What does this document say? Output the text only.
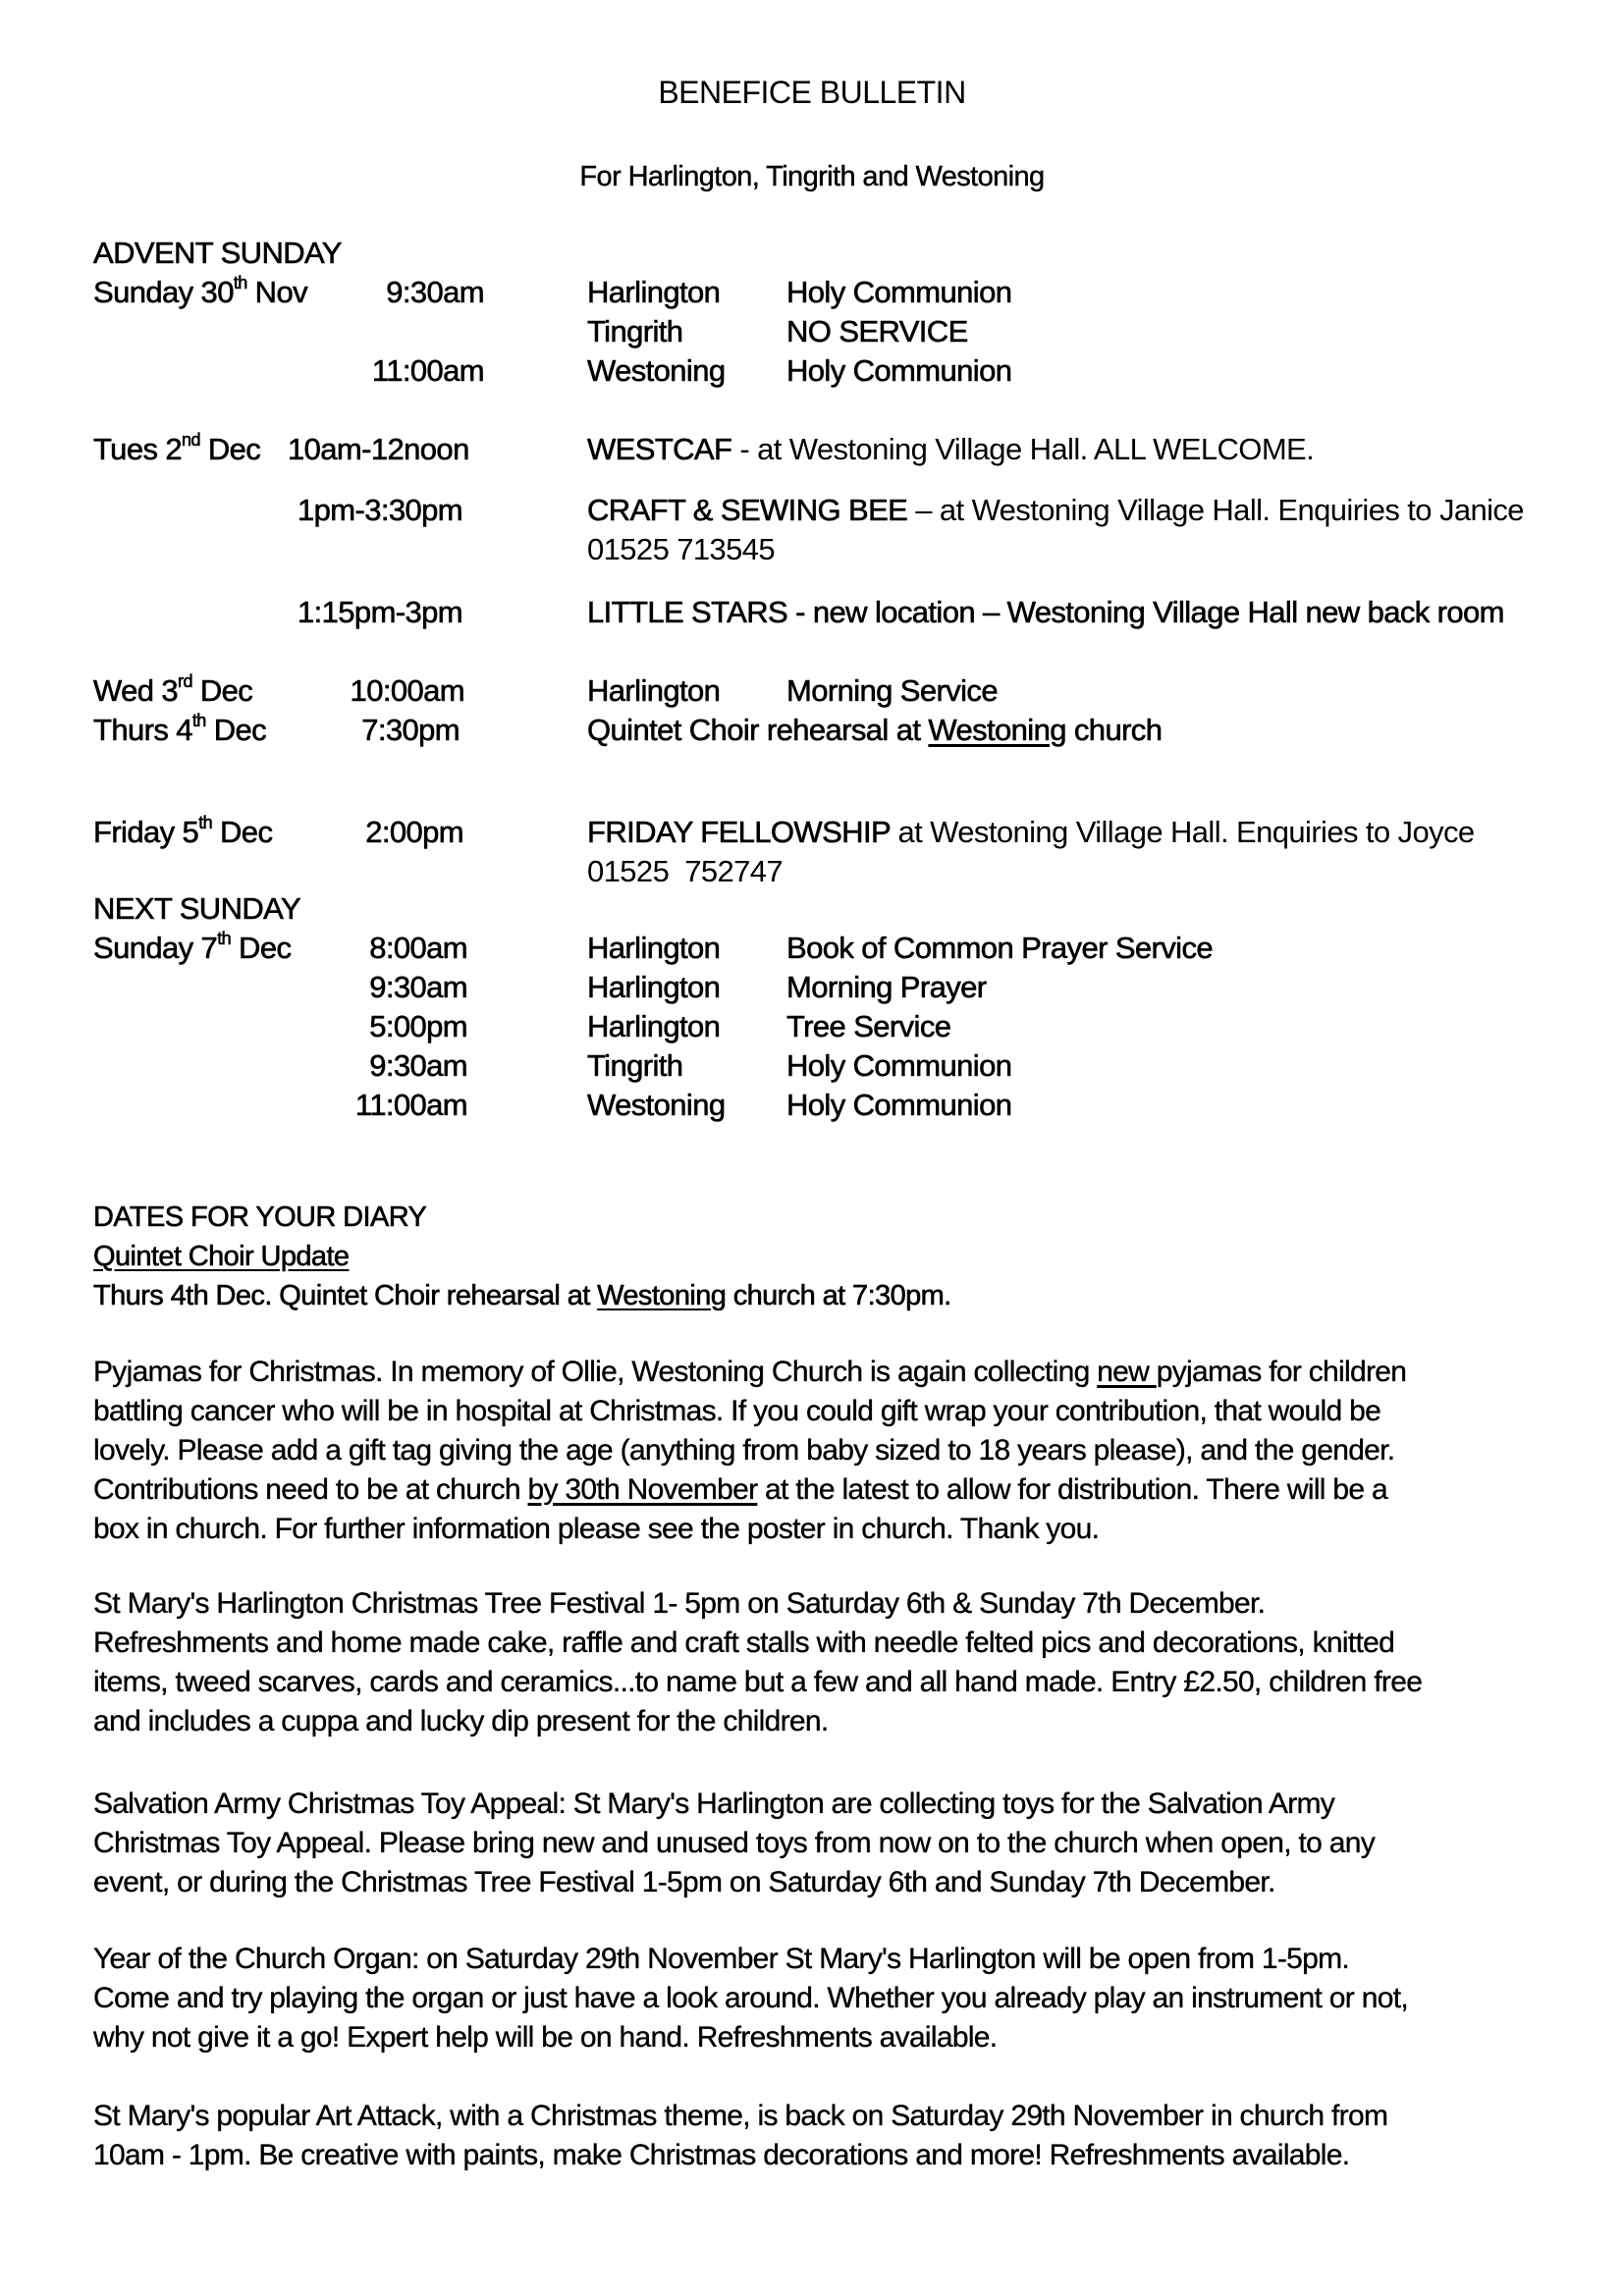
BENEFICE BULLETIN
For Harlington, Tingrith and Westoning
ADVENT SUNDAY
Sunday 30th Nov	9:30am	Harlington Holy Communion
Tingrith	NO SERVICE
11:00am	Westoning Holy Communion
Tues 2nd Dec 10am-12noon	WESTCAF - at Westoning Village Hall. ALL WELCOME.
1pm-3:30pm	CRAFT & SEWING BEE – at Westoning Village Hall. Enquiries to Janice
01525 713545
1:15pm-3pm	LITTLE STARS - new location – Westoning Village Hall new back room
Wed 3rd Dec	10:00am	Harlington Morning Service
Thurs 4th Dec	7:30pm	Quintet Choir rehearsal at Westoning church
Friday 5th Dec	2:00pm	FRIDAY FELLOWSHIP at Westoning Village Hall. Enquiries to Joyce
01525  752747
NEXT SUNDAY
Sunday 7th Dec	8:00am	Harlington Book of Common Prayer Service
9:30am	Harlington Morning Prayer
5:00pm	Harlington Tree Service
9:30am	Tingrith	Holy Communion
11:00am	Westoning Holy Communion
DATES FOR YOUR DIARY
Quintet Choir Update
Thurs 4th Dec. Quintet Choir rehearsal at Westoning church at 7:30pm.

Pyjamas for Christmas. In memory of Ollie, Westoning Church is again collecting new pyjamas for children

battling cancer who will be in hospital at Christmas. If you could gift wrap your contribution, that would be

lovely. Please add a gift tag giving the age (anything from baby sized to 18 years please), and the gender.

Contributions need to be at church by 30th November at the latest to allow for distribution. There will be a

box in church. For further information please see the poster in church. Thank you.

St Mary's Harlington Christmas Tree Festival 1- 5pm on Saturday 6th & Sunday 7th December.

Refreshments and home made cake, raffle and craft stalls with needle felted pics and decorations, knitted

items, tweed scarves, cards and ceramics...to name but a few and all hand made. Entry £2.50, children free

and includes a cuppa and lucky dip present for the children.

Salvation Army Christmas Toy Appeal: St Mary's Harlington are collecting toys for the Salvation Army

Christmas Toy Appeal. Please bring new and unused toys from now on to the church when open, to any

event, or during the Christmas Tree Festival 1-5pm on Saturday 6th and Sunday 7th December.

Year of the Church Organ: on Saturday 29th November St Mary's Harlington will be open from 1-5pm.

Come and try playing the organ or just have a look around. Whether you already play an instrument or not,

why not give it a go! Expert help will be on hand. Refreshments available.

St Mary's popular Art Attack, with a Christmas theme, is back on Saturday 29th November in church from

10am - 1pm. Be creative with paints, make Christmas decorations and more! Refreshments available.
